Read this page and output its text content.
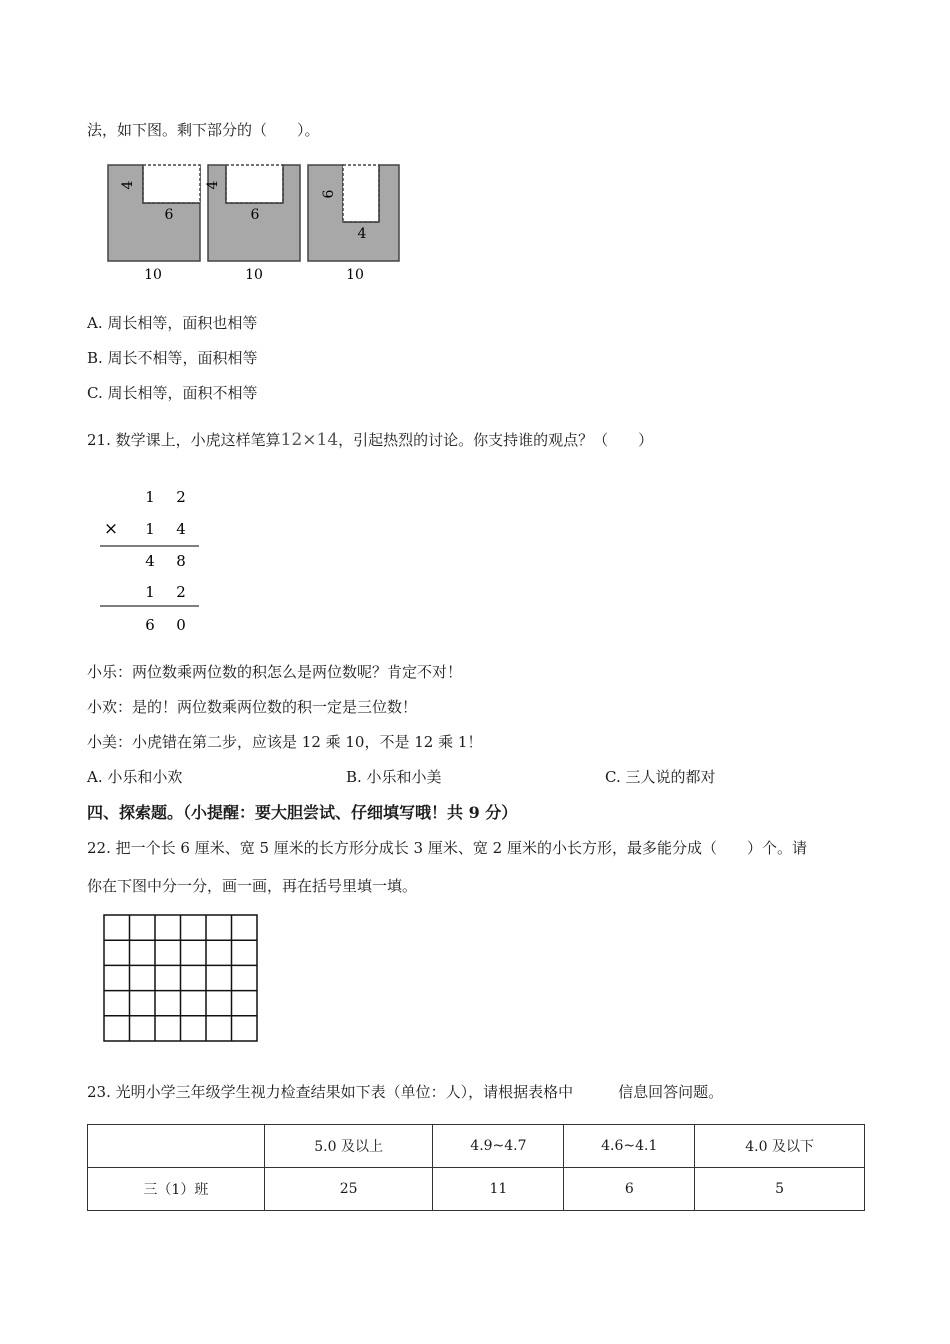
法，如下图。剩下部分的（　　）。
4
6
10
4
6
10
6
4
10
A. 周长相等，面积也相等
B. 周长不相等，面积相等
C. 周长相等，面积不相等
21. 数学课上，小虎这样笔算12×14，引起热烈的讨论。你支持谁的观点？（　　）
1 2
× 1 4
4 8
1 2
6 0
小乐：两位数乘两位数的积怎么是两位数呢？肯定不对！
小欢：是的！两位数乘两位数的积一定是三位数！
小美：小虎错在第二步，应该是 12 乘 10，不是 12 乘 1！
A. 小乐和小欢	B. 小乐和小美	C. 三人说的都对
四、探索题。（小提醒：要大胆尝试、仔细填写哦！共 9 分）
22. 把一个长 6 厘米、宽 5 厘米的长方形分成长 3 厘米、宽 2 厘米的小长方形，最多能分成（　　）个。请
你在下图中分一分，画一画，再在括号里填一填。
23. 光明小学三年级学生视力检查结果如下表（单位：人），请根据表格中　　　信息回答问题。
	5.0 及以上	4.9~4.7	4.6~4.1	4.0 及以下
三（1）班	25	11	6	5
